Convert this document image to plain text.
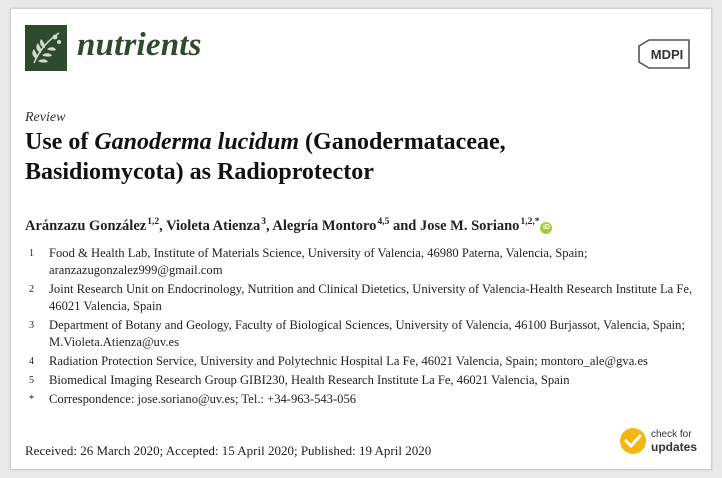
nutrients	MDPI
Review
Use of Ganoderma lucidum (Ganodermataceae, Basidiomycota) as Radioprotector
Aránzazu González$^{1,2}$, Violeta Atienza$^3$, Alegría Montoro$^{4,5}$ and Jose M. Soriano$^{1,2,*}$iD
1 Food & Health Lab, Institute of Materials Science, University of Valencia, 46980 Paterna, Valencia, Spain; aranzazugonzalez999@gmail.com
2 Joint Research Unit on Endocrinology, Nutrition and Clinical Dietetics, University of Valencia-Health Research Institute La Fe, 46021 Valencia, Spain
3 Department of Botany and Geology, Faculty of Biological Sciences, University of Valencia, 46100 Burjassot, Valencia, Spain; M.Violeta.Atienza@uv.es
4 Radiation Protection Service, University and Polytechnic Hospital La Fe, 46021 Valencia, Spain; montoro_ale@gva.es
5 Biomedical Imaging Research Group GIBI230, Health Research Institute La Fe, 46021 Valencia, Spain
* Correspondence: jose.soriano@uv.es; Tel.: +34-963-543-056
Received: 26 March 2020; Accepted: 15 April 2020; Published: 19 April 2020
check for
updates
